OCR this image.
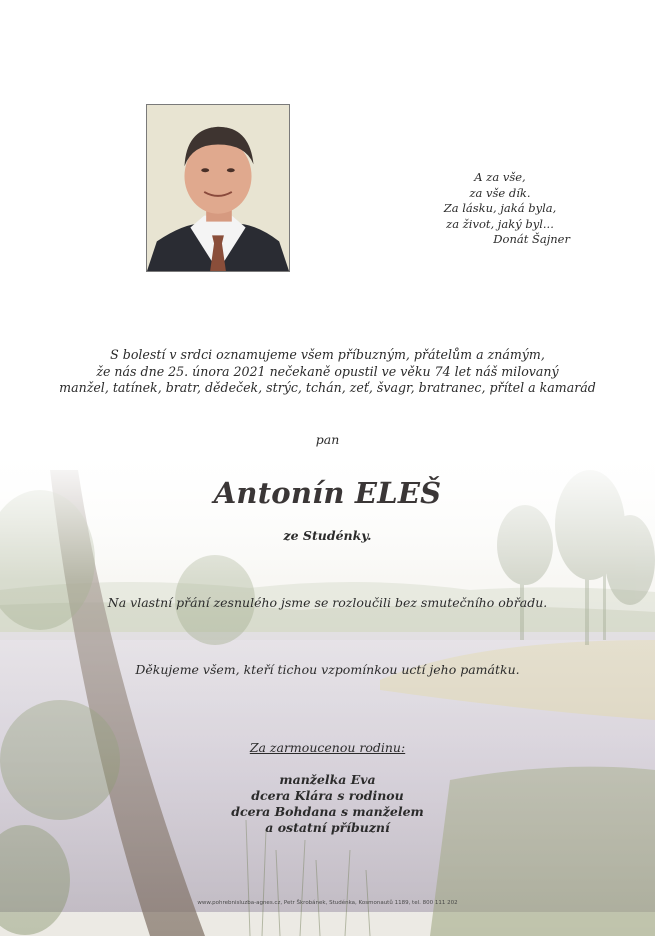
A za vše,
za vše dík.
Za lásku, jaká byla,
za život, jaký byl...
Donát Šajner
S bolestí v srdci oznamujeme všem příbuzným, přátelům a známým,
že nás dne 25. února 2021 nečekaně opustil ve věku 74 let náš milovaný
manžel, tatínek, bratr, dědeček, strýc, tchán, zeť, švagr, bratranec, přítel a kamarád
pan
Antonín ELEŠ
ze Studénky.
Na vlastní přání zesnulého jsme se rozloučili bez smutečního obřadu.
Děkujeme všem, kteří tichou vzpomínkou uctí jeho památku.
Za zarmoucenou rodinu:
manželka Eva
dcera Klára s rodinou
dcera Bohdana s manželem
a ostatní příbuzní
www.pohrebnisluzba-agnes.cz, Petr Škrobánek, Studénka, Kosmonautů 1189, tel. 800 111 202
